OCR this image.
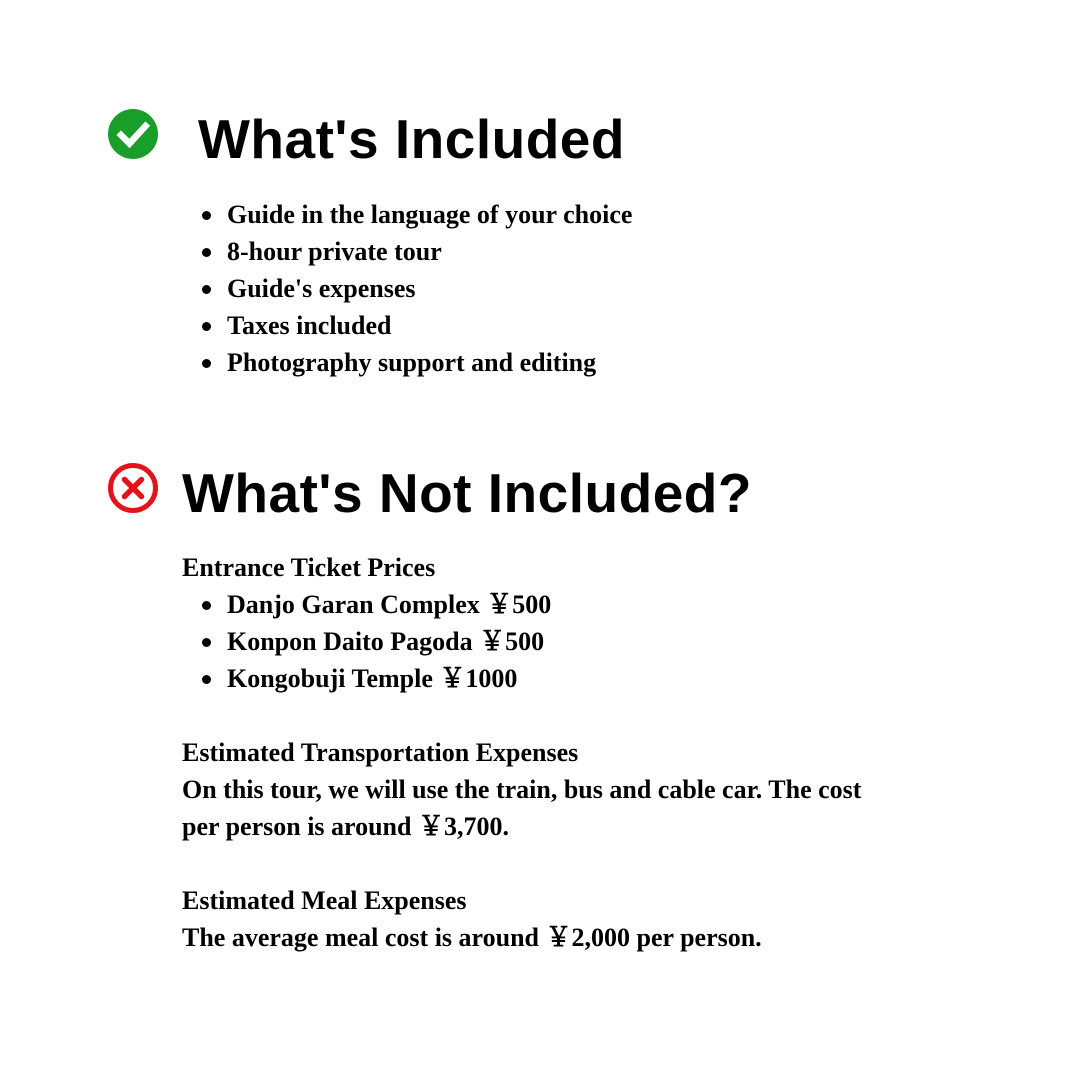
What's Included
Guide in the language of your choice
8-hour private tour
Guide's expenses
Taxes included
Photography support and editing
What's Not Included?
Entrance Ticket Prices
Danjo Garan Complex ￥500
Konpon Daito Pagoda ￥500
Kongobuji Temple ￥1000

Estimated Transportation Expenses

On this tour, we will use the train, bus and cable car. The cost

per person is around ￥3,700.

Estimated Meal Expenses

The average meal cost is around ￥2,000 per person.
